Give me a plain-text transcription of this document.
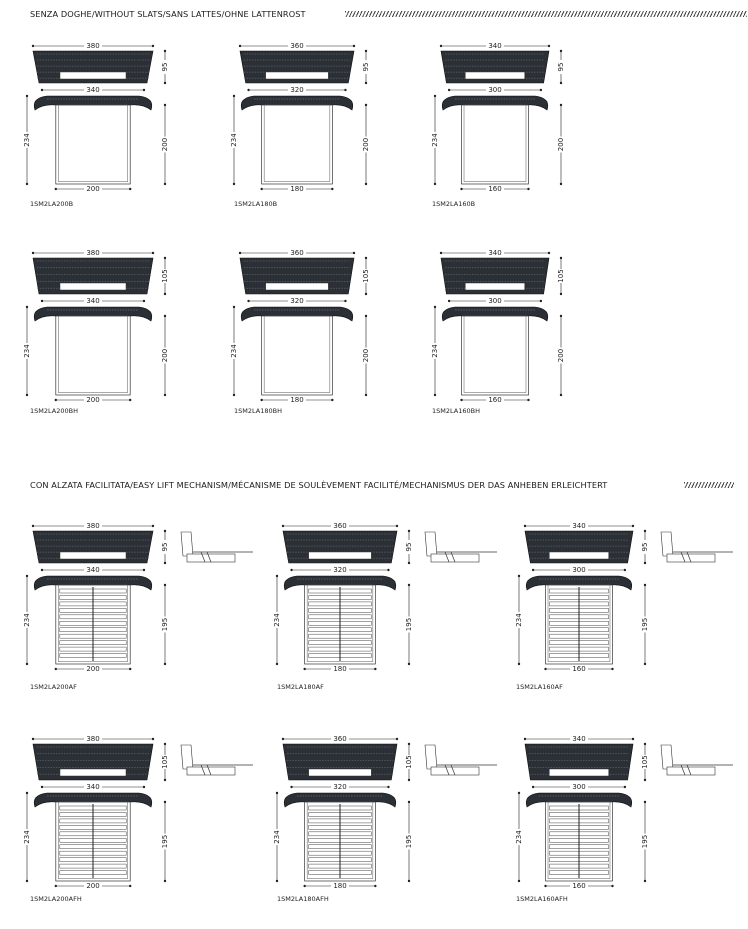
SENZA DOGHE/WITHOUT SLATS/SANS LATTES/OHNE LATTENROST
CON ALZATA FACILITATA/EASY LIFT MECHANISM/MÉCANISME DE SOULÈVEMENT FACILITÉ/MECHANISMUS DER DAS ANHEBEN ERLEICHTERT
380
95
340
234	200
200
1SM2LA200B
360
95
320
234	200
180
1SM2LA180B
340
95
300
234	200
160
1SM2LA160B
380
105
340
234	200
200
1SM2LA200BH
360
105
320
234	200
180
1SM2LA180BH
340
105
300
234	200
160
1SM2LA160BH
380
95
340
234	195
200
1SM2LA200AF
360
95
320
234	195
180
1SM2LA180AF
340
95
300
234	195
160
1SM2LA160AF
380
105
340
234	195
200
1SM2LA200AFH
360
105
320
234	195
180
1SM2LA180AFH
340
105
300
234	195
160
1SM2LA160AFH
